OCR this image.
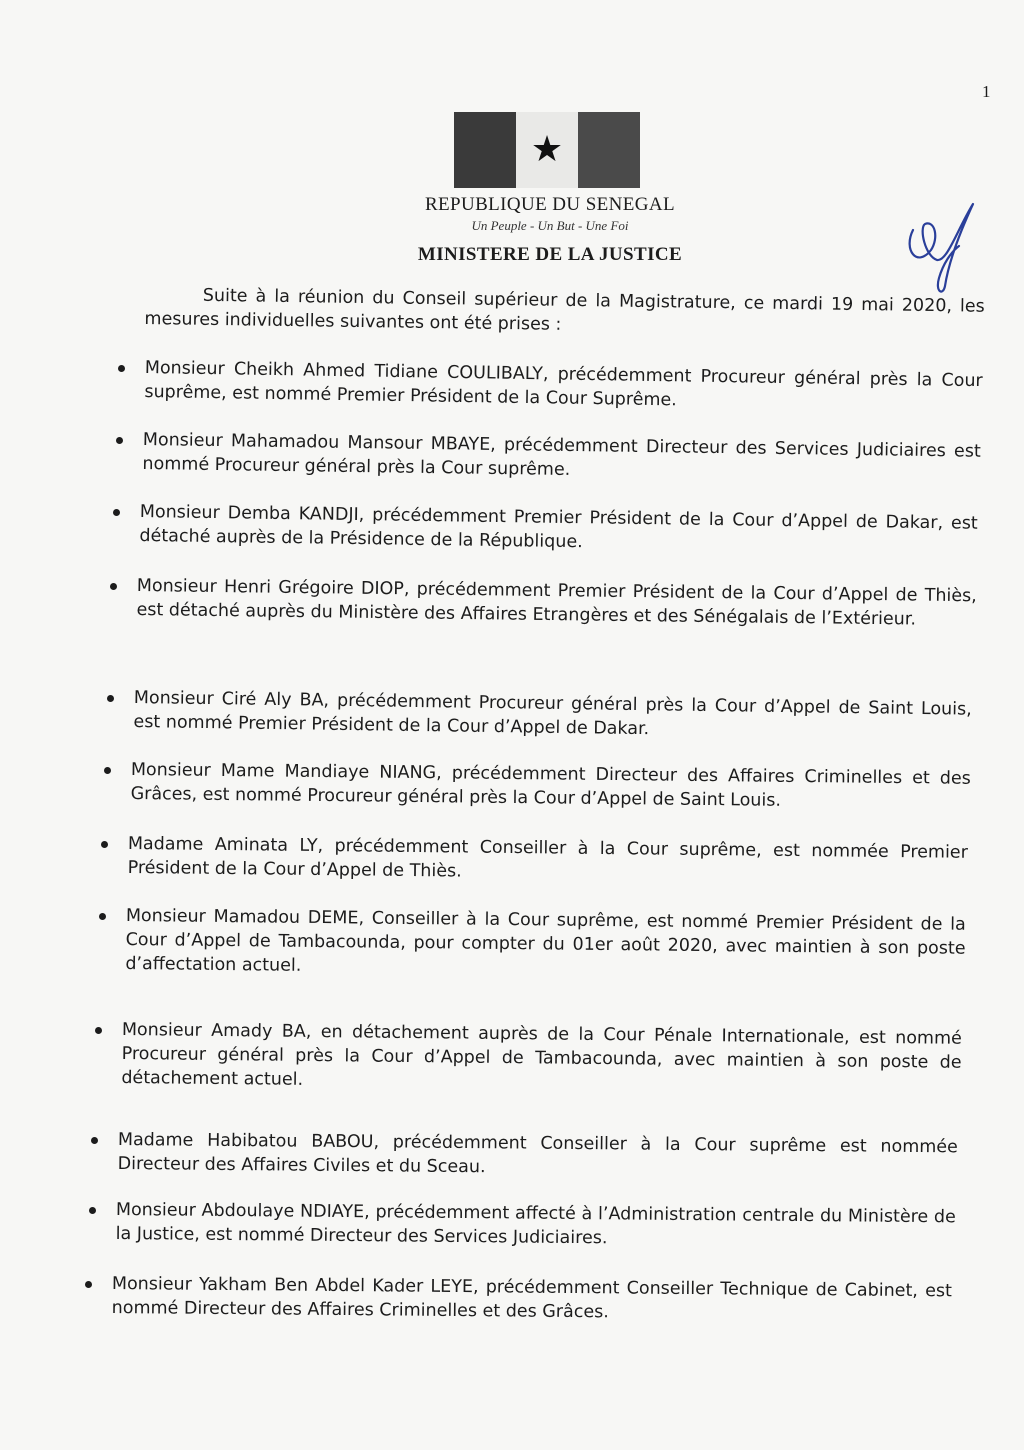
1
★
REPUBLIQUE DU SENEGAL
Un Peuple - Un But - Une Foi
MINISTERE DE LA JUSTICE
Suite à la réunion du Conseil supérieur de la Magistrature, ce mardi 19 mai 2020, les mesures individuelles suivantes ont été prises :
Monsieur Cheikh Ahmed Tidiane COULIBALY, précédemment Procureur général près la Cour suprême, est nommé Premier Président de la Cour Suprême.
Monsieur Mahamadou Mansour MBAYE, précédemment Directeur des Services Judiciaires est nommé Procureur général près la Cour suprême.
Monsieur Demba KANDJI, précédemment Premier Président de la Cour d’Appel de Dakar, est détaché auprès de la Présidence de la République.
Monsieur Henri Grégoire DIOP, précédemment Premier Président de la Cour d’Appel de Thiès, est détaché auprès du Ministère des Affaires Etrangères et des Sénégalais de l’Extérieur.
Monsieur Ciré Aly BA, précédemment Procureur général près la Cour d’Appel de Saint Louis, est nommé Premier Président de la Cour d’Appel de Dakar.
Monsieur Mame Mandiaye NIANG, précédemment Directeur des Affaires Criminelles et des Grâces, est nommé Procureur général près la Cour d’Appel de Saint Louis.
Madame Aminata LY, précédemment Conseiller à la Cour suprême, est nommée Premier Président de la Cour d’Appel de Thiès.
Monsieur Mamadou DEME, Conseiller à la Cour suprême, est nommé Premier Président de la Cour d’Appel de Tambacounda, pour compter du 01er août 2020, avec maintien à son poste d’affectation actuel.
Monsieur Amady BA, en détachement auprès de la Cour Pénale Internationale, est nommé Procureur général près la Cour d’Appel de Tambacounda, avec maintien à son poste de détachement actuel.
Madame Habibatou BABOU, précédemment Conseiller à la Cour suprême est nommée Directeur des Affaires Civiles et du Sceau.
Monsieur Abdoulaye NDIAYE, précédemment affecté à l’Administration centrale du Ministère de la Justice, est nommé Directeur des Services Judiciaires.
Monsieur Yakham Ben Abdel Kader LEYE, précédemment Conseiller Technique de Cabinet, est nommé Directeur des Affaires Criminelles et des Grâces.
